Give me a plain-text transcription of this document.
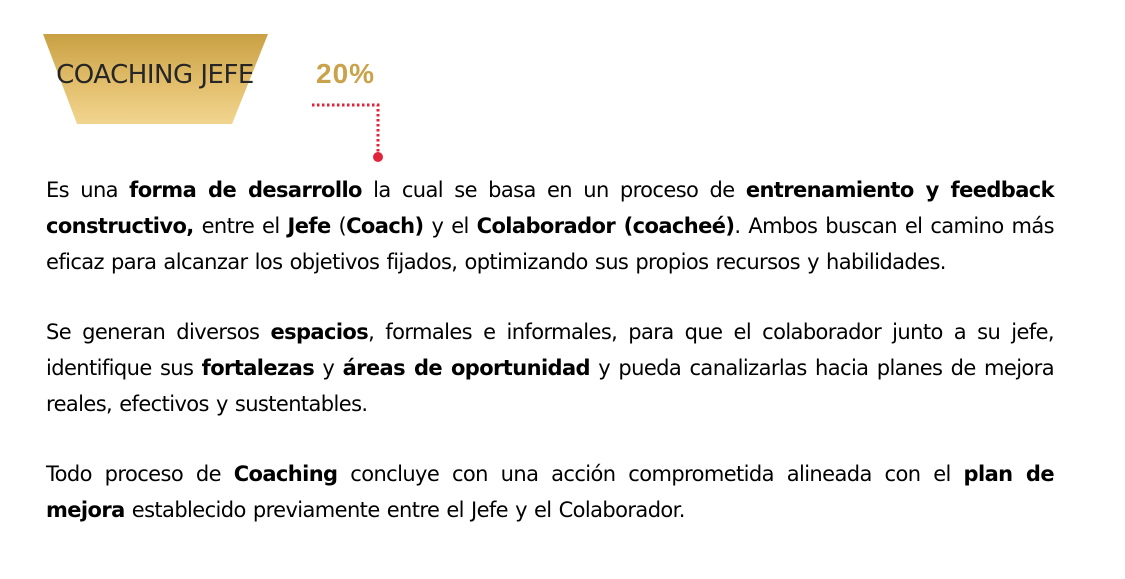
COACHING JEFE	20%

Es una forma de desarrollo la cual se basa en un proceso de entrenamiento y feedback constructivo, entre el Jefe (Coach) y el Colaborador (coacheé). Ambos buscan el camino más eficaz para alcanzar los objetivos fijados, optimizando sus propios recursos y habilidades.

Se generan diversos espacios, formales e informales, para que el colaborador junto a su jefe, identifique sus fortalezas y áreas de oportunidad y pueda canalizarlas hacia planes de mejora reales, efectivos y sustentables.

Todo proceso de Coaching concluye con una acción comprometida alineada con el plan de mejora establecido previamente entre el Jefe y el Colaborador.
